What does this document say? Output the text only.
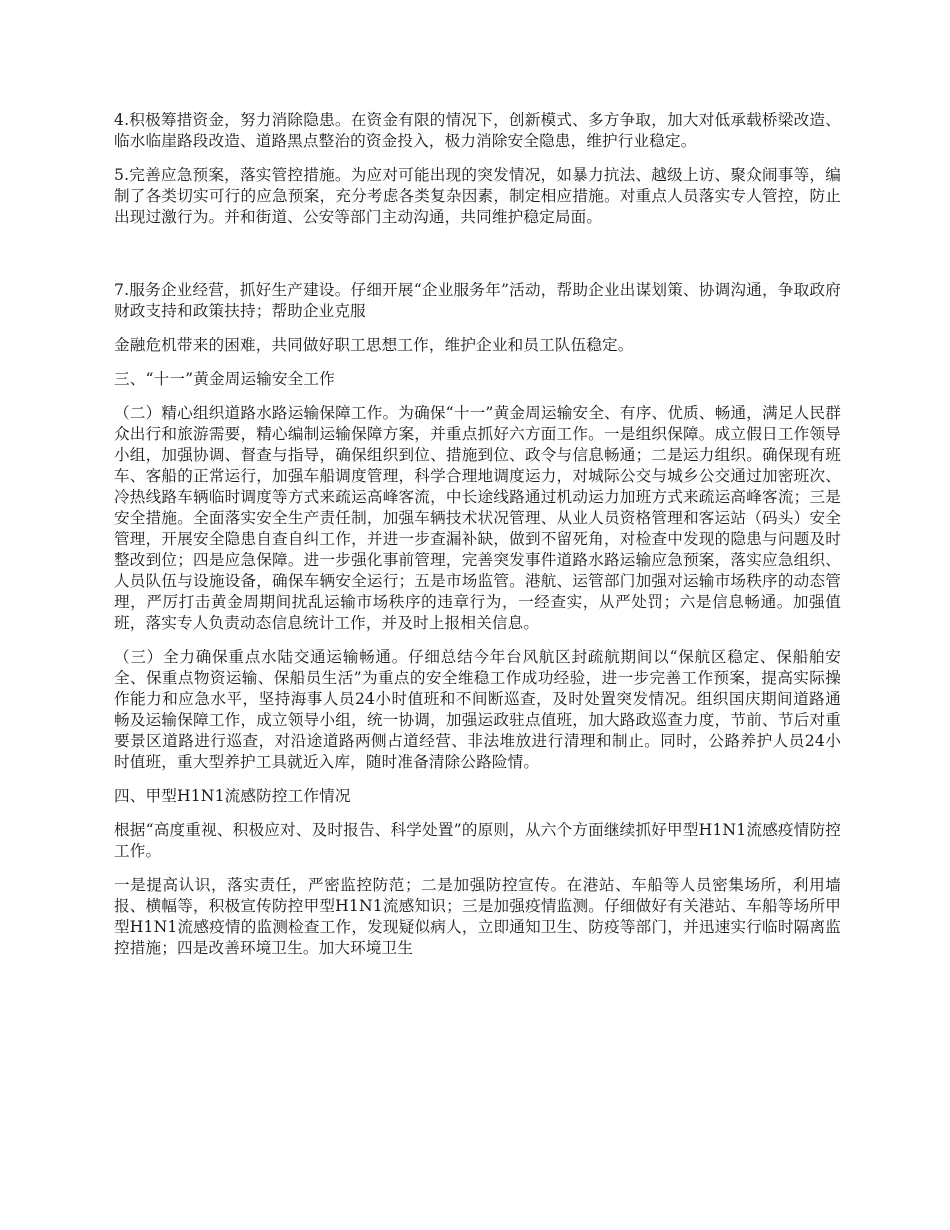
4.积极筹措资金，努力消除隐患。在资金有限的情况下，创新模式、多方争取，加大对低承载桥梁改造、临水临崖路段改造、道路黑点整治的资金投入，极力消除安全隐患，维护行业稳定。

5.完善应急预案，落实管控措施。为应对可能出现的突发情况，如暴力抗法、越级上访、聚众闹事等，编制了各类切实可行的应急预案，充分考虑各类复杂因素，制定相应措施。对重点人员落实专人管控，防止出现过激行为。并和街道、公安等部门主动沟通，共同维护稳定局面。

7.服务企业经营，抓好生产建设。仔细开展“企业服务年”活动，帮助企业出谋划策、协调沟通，争取政府财政支持和政策扶持；帮助企业克服

金融危机带来的困难，共同做好职工思想工作，维护企业和员工队伍稳定。

三、“十一”黄金周运输安全工作

（二）精心组织道路水路运输保障工作。为确保“十一”黄金周运输安全、有序、优质、畅通，满足人民群众出行和旅游需要，精心编制运输保障方案，并重点抓好六方面工作。一是组织保障。成立假日工作领导小组，加强协调、督查与指导，确保组织到位、措施到位、政令与信息畅通；二是运力组织。确保现有班车、客船的正常运行，加强车船调度管理，科学合理地调度运力，对城际公交与城乡公交通过加密班次、冷热线路车辆临时调度等方式来疏运高峰客流，中长途线路通过机动运力加班方式来疏运高峰客流；三是安全措施。全面落实安全生产责任制，加强车辆技术状况管理、从业人员资格管理和客运站（码头）安全管理，开展安全隐患自查自纠工作，并进一步查漏补缺，做到不留死角，对检查中发现的隐患与问题及时整改到位；四是应急保障。进一步强化事前管理，完善突发事件道路水路运输应急预案，落实应急组织、人员队伍与设施设备，确保车辆安全运行；五是市场监管。港航、运管部门加强对运输市场秩序的动态管理，严厉打击黄金周期间扰乱运输市场秩序的违章行为，一经查实，从严处罚；六是信息畅通。加强值班，落实专人负责动态信息统计工作，并及时上报相关信息。

（三）全力确保重点水陆交通运输畅通。仔细总结今年台风航区封疏航期间以“保航区稳定、保船舶安全、保重点物资运输、保船员生活”为重点的安全维稳工作成功经验，进一步完善工作预案，提高实际操作能力和应急水平，坚持海事人员24小时值班和不间断巡查，及时处置突发情况。组织国庆期间道路通畅及运输保障工作，成立领导小组，统一协调，加强运政驻点值班，加大路政巡查力度，节前、节后对重要景区道路进行巡查，对沿途道路两侧占道经营、非法堆放进行清理和制止。同时，公路养护人员24小时值班，重大型养护工具就近入库，随时准备清除公路险情。

四、甲型H1N1流感防控工作情况

根据“高度重视、积极应对、及时报告、科学处置”的原则，从六个方面继续抓好甲型H1N1流感疫情防控工作。

一是提高认识，落实责任，严密监控防范；二是加强防控宣传。在港站、车船等人员密集场所，利用墙报、横幅等，积极宣传防控甲型H1N1流感知识；三是加强疫情监测。仔细做好有关港站、车船等场所甲型H1N1流感疫情的监测检查工作，发现疑似病人，立即通知卫生、防疫等部门，并迅速实行临时隔离监控措施；四是改善环境卫生。加大环境卫生
